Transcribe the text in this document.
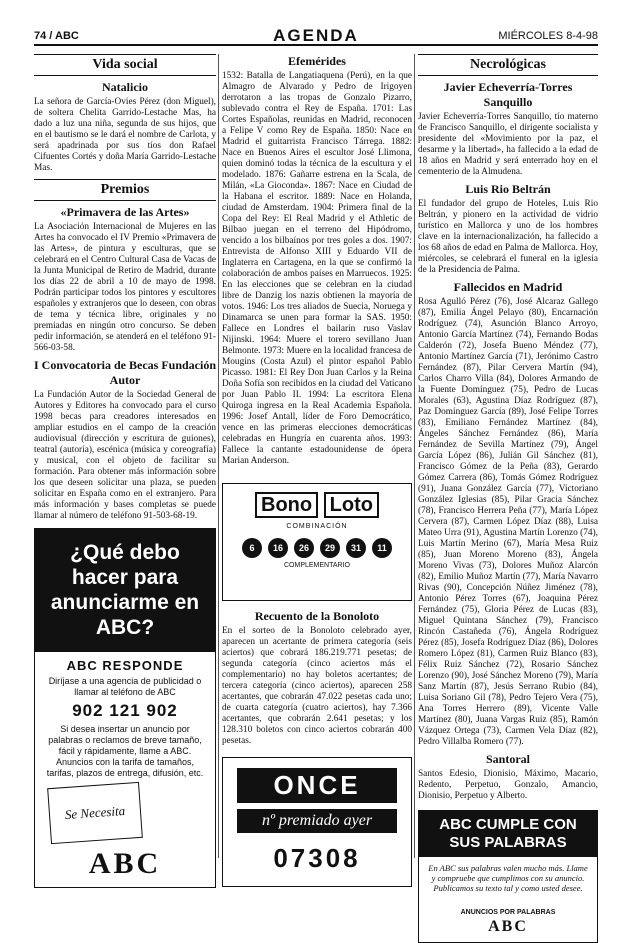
74 / ABC	AGENDA	MIÉRCOLES 8-4-98
Vida social
Natalicio

La señora de García-Ovies Pérez (don Miguel), de soltera Chelita Garrido-Lestache Mas, ha dado a luz una niña, segunda de sus hijos, que en el bautismo se le dará el nombre de Carlota, y será apadrinada por sus tíos don Rafael Cifuentes Cortés y doña María Garrido-Lestache Mas.

Premios
«Primavera de las Artes»

La Asociación Internacional de Mujeres en las Artes ha convocado el IV Premio «Primavera de las Artes», de pintura y esculturas, que se celebrará en el Centro Cultural Casa de Vacas de la Junta Municipal de Retiro de Madrid, durante los días 22 de abril a 10 de mayo de 1998. Podrán participar todos los pintores y escultores españoles y extranjeros que lo deseen, con obras de tema y técnica libre, originales y no premiadas en ningún otro concurso. Se deben pedir información, se atenderá en el teléfono 91-566-03-58.

I Convocatoria de Becas Fundación Autor

La Fundación Autor de la Sociedad General de Autores y Editores ha convocado para el curso 1998 becas para creadores interesados en ampliar estudios en el campo de la creación audiovisual (dirección y escritura de guiones), teatral (autoría), escénica (música y coreografía) y musical, con el objeto de facilitar su formación. Para obtener más información sobre los que deseen solicitar una plaza, se pueden solicitar en España como en el extranjero. Para más información y bases completas se puede llamar al número de teléfono 91-503-68-19.

¿Qué debo hacer para anunciarme en ABC?
ABC RESPONDE
Diríjase a una agencia de publicidad o llamar al teléfono de ABC
902 121 902
Si desea insertar un anuncio por palabras o reclamos de breve tamaño, fácil y rápidamente, llame a ABC. Anuncios con la tarifa de tamaños, tarifas, plazos de entrega, difusión, etc.
Se Necesita
ABC
Efemérides

1532: Batalla de Langatiaquena (Perú), en la que Almagro de Alvarado y Pedro de Irigoyen derrotaron a las tropas de Gonzalo Pizarro, sublevado contra el Rey de España. 1701: Las Cortes Españolas, reunidas en Madrid, reconocen a Felipe V como Rey de España. 1850: Nace en Madrid el guitarrista Francisco Tárrega. 1882: Nace en Buenos Aires el escultor José Llimona, quien dominó todas la técnica de la escultura y el modelado. 1876: Gañarre estrena en la Scala, de Milán, «La Gioconda». 1867: Nace en Ciudad de la Habana el escritor. 1889: Nace en Holanda, ciudad de Amsterdam. 1904: Primera final de la Copa del Rey: El Real Madrid y el Athletic de Bilbao juegan en el terreno del Hipódromo, vencido a los bilbaínos por tres goles a dos. 1907: Entrevista de Alfonso XIII y Eduardo VII de Inglaterra en Cartagena, en la que se confirmó la colaboración de ambos países en Marruecos. 1925: En las elecciones que se celebran en la ciudad libre de Danzig los nazis obtienen la mayoría de votos. 1946: Los tres aliados de Suecia, Noruega y Dinamarca se unen para formar la SAS. 1950: Fallece en Londres el bailarín ruso Vaslav Nijinski. 1964: Muere el torero sevillano Juan Belmonte. 1973: Muere en la localidad francesa de Mougins (Costa Azul) el pintor español Pablo Picasso. 1981: El Rey Don Juan Carlos y la Reina Doña Sofía son recibidos en la ciudad del Vaticano por Juan Pablo II. 1994: La escritora Elena Quiroga ingresa en la Real Academia Española. 1996: Josef Antall, líder de Foro Democrático, vence en las primeras elecciones democráticas celebradas en Hungría en cuarenta años. 1993: Fallece la cantante estadounidense de ópera Marian Anderson.

Bono Loto
COMBINACIÓN
6	16	26	29	31	11
COMPLEMENTARIO
Recuento de la Bonoloto

En el sorteo de la Bonoloto celebrado ayer, aparecen un acertante de primera categoría (seis aciertos) que cobrará 186.219.771 pesetas; de segunda categoría (cinco aciertos más el complementario) no hay boletos acertantes; de tercera categoría (cinco aciertos), aparecen 258 acertantes, que cobrarán 47.022 pesetas cada uno; de cuarta categoría (cuatro aciertos), hay 7.366 acertantes, que cobrarán 2.641 pesetas; y los 128.310 boletos con cinco aciertos cobrarán 400 pesetas.

ONCE
nº premiado ayer
07308
Necrológicas
Javier Echeverría-Torres Sanquillo

Javier Echeverría-Torres Sanquillo, tío materno de Francisco Sanquillo, el dirigente socialista y presidente del «Movimiento por la paz, el desarme y la libertad», ha fallecido a la edad de 18 años en Madrid y será enterrado hoy en el cementerio de la Almudena.

Luis Rio Beltrán

El fundador del grupo de Hoteles, Luis Rio Beltrán, y pionero en la actividad de vidrio turístico en Mallorca y uno de los hombres clave en la internacionalización, ha fallecido a los 68 años de edad en Palma de Mallorca. Hoy, miércoles, se celebrará el funeral en la iglesia de la Presidencia de Palma.

Fallecidos en Madrid

Rosa Agulló Pérez (76), José Alcaraz Gallego (87), Emilia Ángel Pelayo (80), Encarnación Rodríguez (74), Asunción Blanco Arroyo, Antonio García Martínez (74), Fernando Bodas Calderón (72), Josefa Bueno Méndez (77), Antonio Martínez García (71), Jerónimo Castro Fernández (87), Pilar Cervera Martín (94), Carlos Charro Villa (84), Dolores Armando de la Fuente Domínguez (75), Pedro de Lucas Morales (63), Agustina Díaz Rodríguez (87), Paz Domínguez García (89), José Felipe Torres (83), Emiliano Fernández Martínez (84), Ángeles Sánchez Fernández (86), María Fernández de Sevilla Martínez (79), Ángel García López (86), Julián Gil Sánchez (81), Francisco Gómez de la Peña (83), Gerardo Gómez Carrera (86), Tomás Gómez Rodríguez (91), Juana González García (77), Victoriano González Iglesias (85), Pilar Gracia Sánchez (78), Francisco Herrera Peña (77), María López Cervera (87), Carmen López Díaz (88), Luisa Mateo Urra (91), Agustina Martín Lorenzo (74), Luis Martín Merino (67), María Mesa Ruiz (85), Juan Moreno Moreno (83), Ángela Moreno Vivas (73), Dolores Muñoz Alarcón (82), Emilio Muñoz Martín (77), María Navarro Rivas (90), Concepción Núñez Jiménez (78), Antonio Pérez Torres (67), Joaquina Pérez Fernández (75), Gloria Pérez de Lucas (83), Miguel Quintana Sánchez (79), Francisco Rincón Castañeda (76), Ángela Rodríguez Pérez (85), Josefa Rodríguez Díaz (86), Dolores Romero López (81), Carmen Ruiz Blanco (83), Félix Ruiz Sánchez (72), Rosario Sánchez Lorenzo (90), José Sánchez Moreno (79), María Sanz Martín (87), Jesús Serrano Rubio (84), Luisa Soriano Gil (78), Pedro Tejero Vera (75), Ana Torres Herrero (89), Vicente Valle Martínez (80), Juana Vargas Ruiz (85), Ramón Vázquez Ortega (73), Carmen Vela Díaz (82), Pedro Villalba Romero (77).

Santoral

Santos Edesio, Dionisio, Máximo, Macario, Redento, Perpetuo, Gonzalo, Amancio, Dionisio, Perpetuo y Alberto.

ABC CUMPLE CON SUS PALABRAS
En ABC sus palabras valen mucho más. Llame y compruebe que cumplimos con su anuncio. Publicamos su texto tal y como usted desee.
ANUNCIOS POR PALABRAS
ABC
